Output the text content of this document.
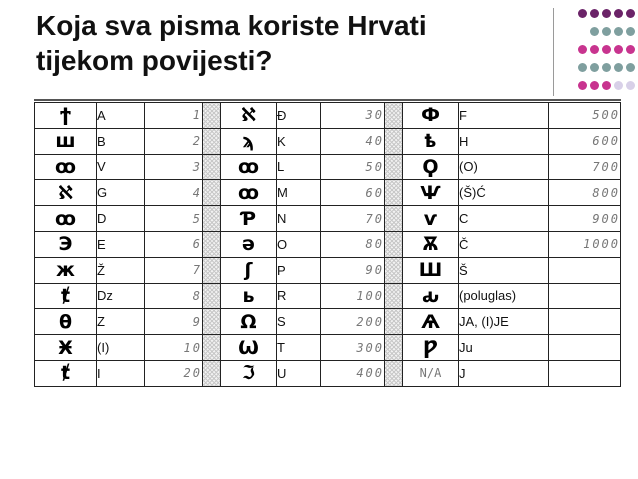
Koja sva pisma koriste Hrvati
tijekom povijesti?
ϯ	A	1		ℵ	Đ	30		Ф	F	500
ш	B	2		ϡ	K	40		ҍ	H	600
ꝏ	V	3		ꚙ	L	50		Ϙ	(O)	700
ℵ	G	4		ꝏ	M	60		Ѱ	(Š)Ć	800
ꚙ	D	5		Ƥ	N	70		ѵ	C	900
Э	E	6		ə	O	80		Ѫ	Č	1000
ж	Ž	7		ʃ	P	90		Ш	Š	
ⱦ	Dz	8		ь	R	100		ԃ	(poluglas)	
θ	Z	9		Ω	S	200		Ѧ	JA, (I)JE	
Ӿ	(I)	10		Ѡ	T	300		Ƿ	Ju	
ⱦ	I	20		ℑ	U	400		N/A	J	
